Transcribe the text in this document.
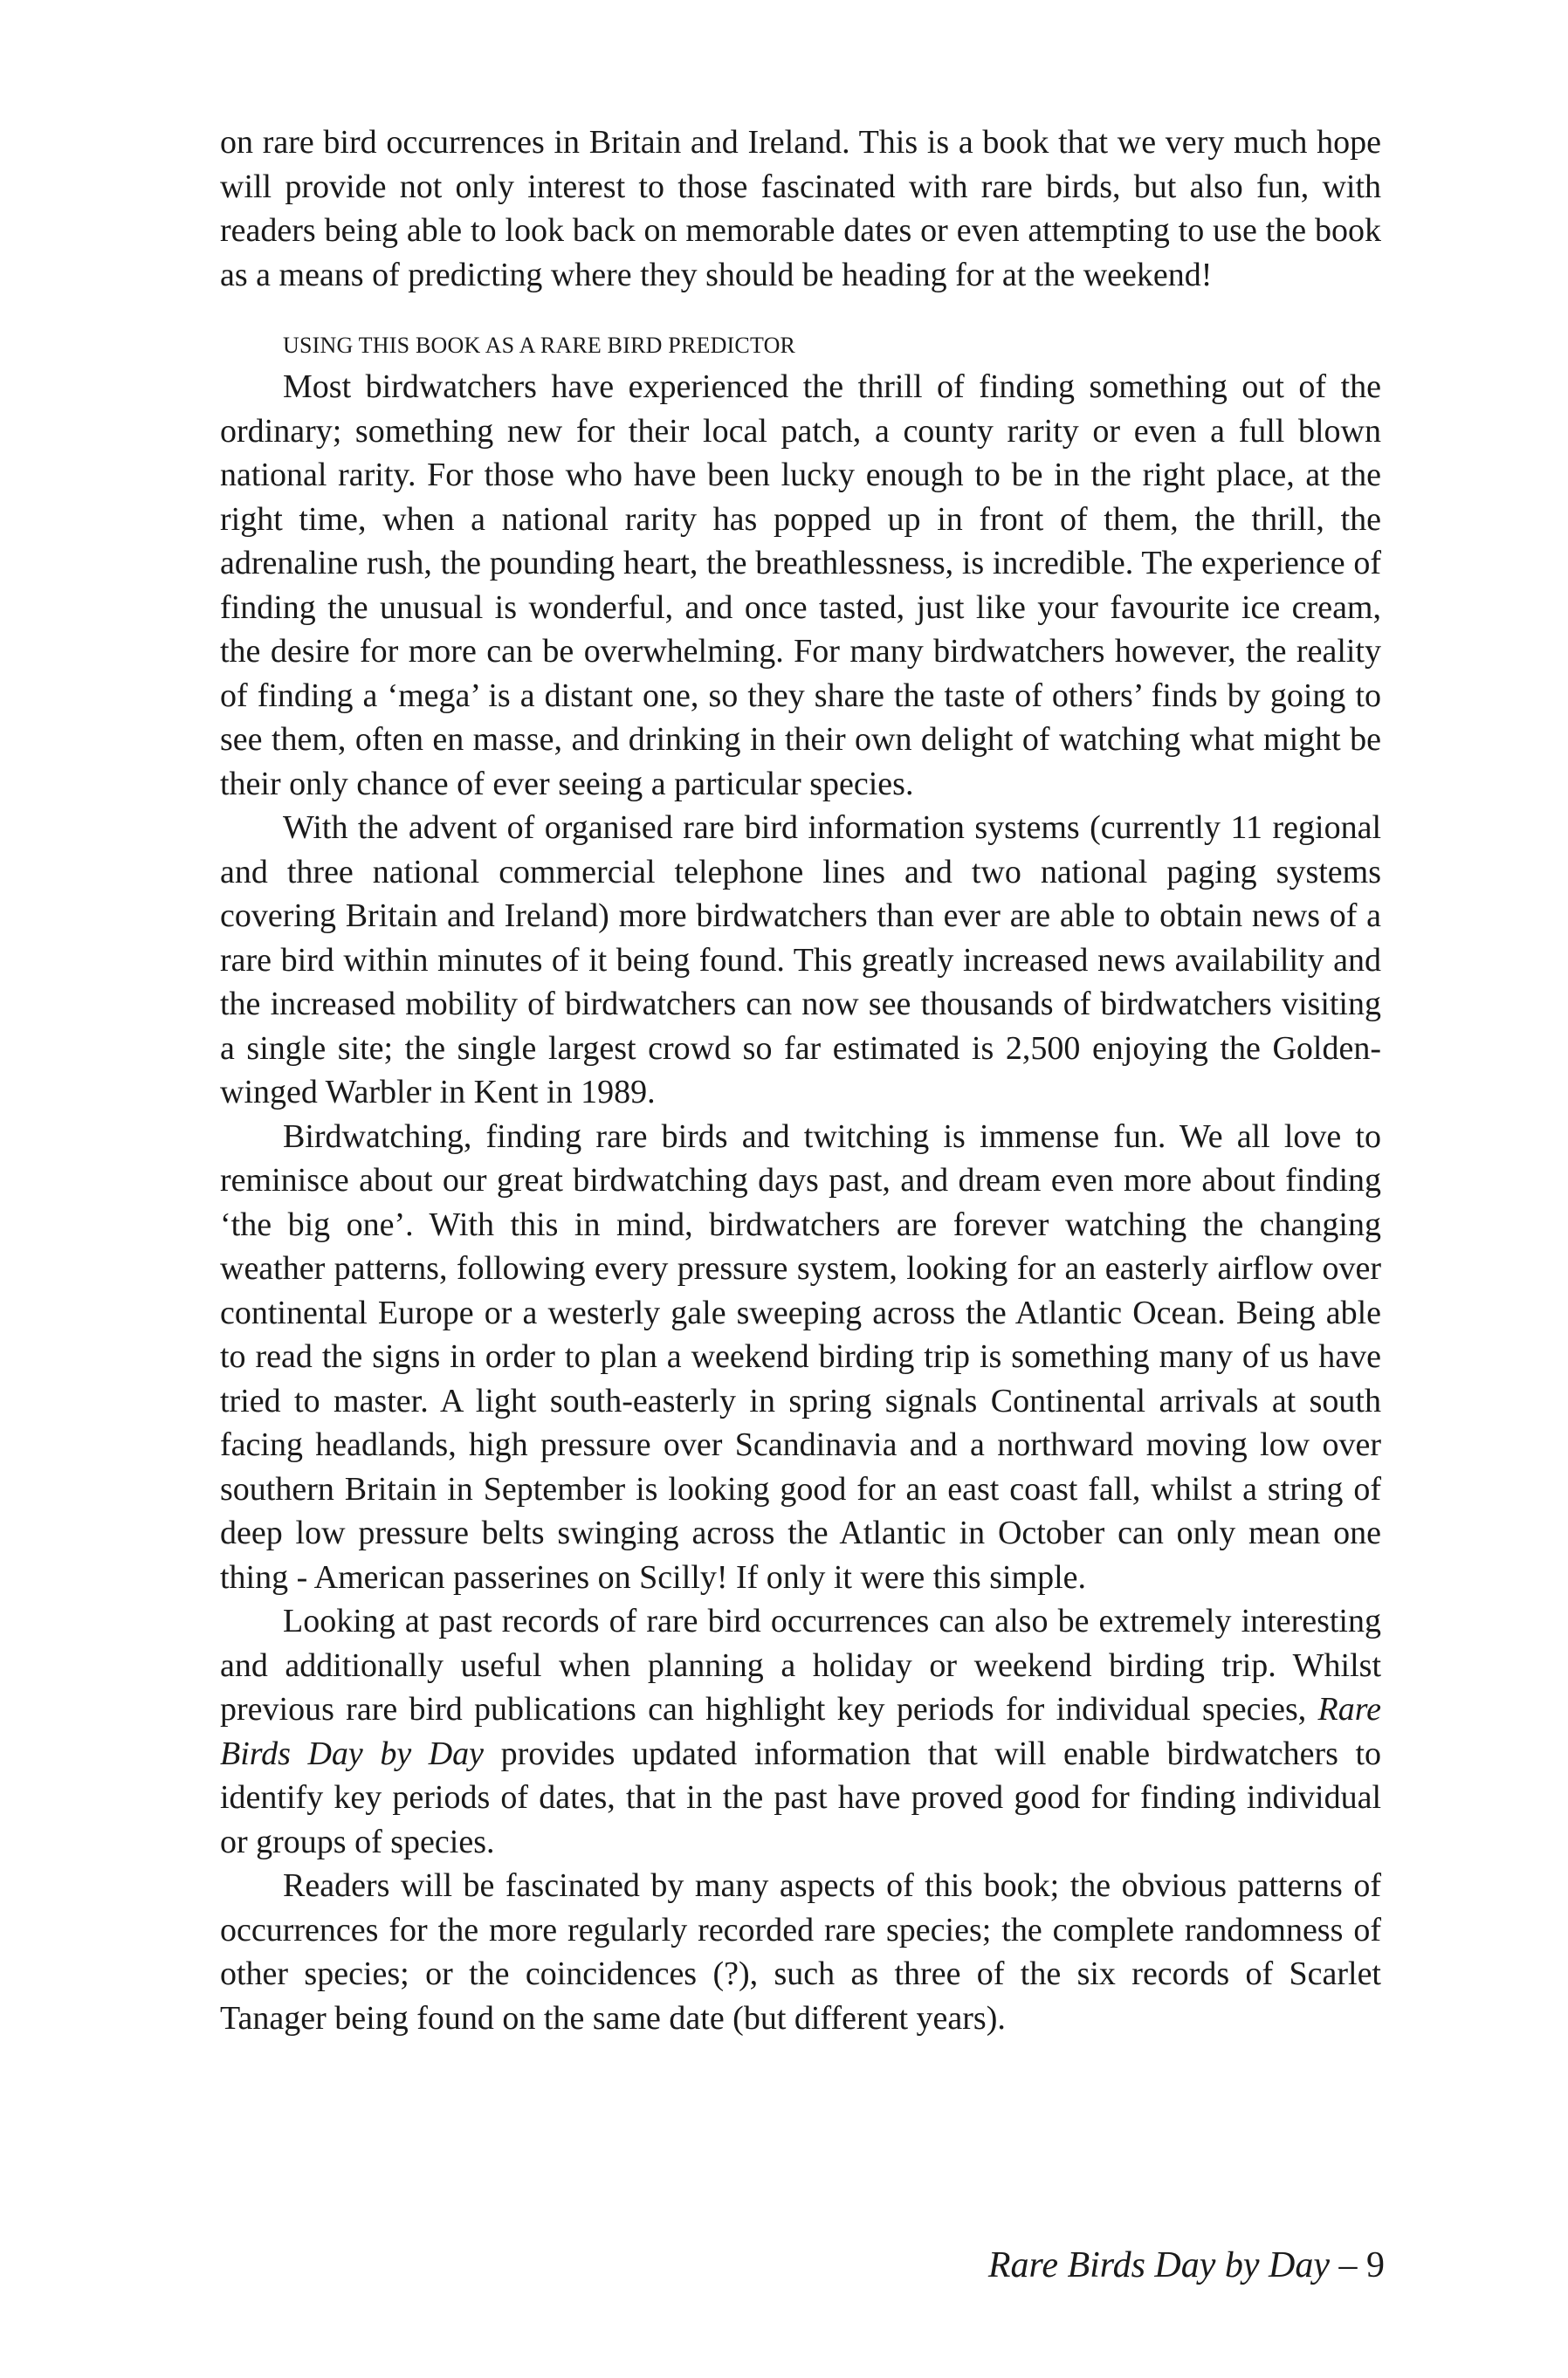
on rare bird occurrences in Britain and Ireland. This is a book that we very much hope will provide not only interest to those fascinated with rare birds, but also fun, with readers being able to look back on memorable dates or even attempting to use the book as a means of predicting where they should be heading for at the weekend!

USING THIS BOOK AS A RARE BIRD PREDICTOR

Most birdwatchers have experienced the thrill of finding something out of the ordinary; something new for their local patch, a county rarity or even a full blown national rarity. For those who have been lucky enough to be in the right place, at the right time, when a national rarity has popped up in front of them, the thrill, the adrenaline rush, the pounding heart, the breathlessness, is incredible. The experience of finding the unusual is wonderful, and once tasted, just like your favourite ice cream, the desire for more can be overwhelming. For many birdwatchers however, the reality of finding a ‘mega’ is a distant one, so they share the taste of others’ finds by going to see them, often en masse, and drinking in their own delight of watching what might be their only chance of ever seeing a particular species.

With the advent of organised rare bird information systems (currently 11 regional and three national commercial telephone lines and two national paging systems covering Britain and Ireland) more birdwatchers than ever are able to obtain news of a rare bird within minutes of it being found. This greatly increased news availability and the increased mobility of birdwatchers can now see thousands of birdwatchers visiting a single site; the single largest crowd so far estimated is 2,500 enjoying the Golden-winged Warbler in Kent in 1989.

Birdwatching, finding rare birds and twitching is immense fun. We all love to reminisce about our great birdwatching days past, and dream even more about finding ‘the big one’. With this in mind, birdwatchers are forever watching the changing weather patterns, following every pressure system, looking for an easterly airflow over continental Europe or a westerly gale sweeping across the Atlantic Ocean. Being able to read the signs in order to plan a weekend birding trip is something many of us have tried to master. A light south-easterly in spring signals Continental arrivals at south facing headlands, high pressure over Scandinavia and a northward moving low over southern Britain in September is looking good for an east coast fall, whilst a string of deep low pressure belts swinging across the Atlantic in October can only mean one thing - American passerines on Scilly! If only it were this simple.

Looking at past records of rare bird occurrences can also be extremely interesting and additionally useful when planning a holiday or weekend birding trip. Whilst previous rare bird publications can highlight key periods for individual species, Rare Birds Day by Day provides updated information that will enable birdwatchers to identify key periods of dates, that in the past have proved good for finding individual or groups of species.

Readers will be fascinated by many aspects of this book; the obvious patterns of occurrences for the more regularly recorded rare species; the complete randomness of other species; or the coincidences (?), such as three of the six records of Scarlet Tanager being found on the same date (but different years).

Rare Birds Day by Day – 9
